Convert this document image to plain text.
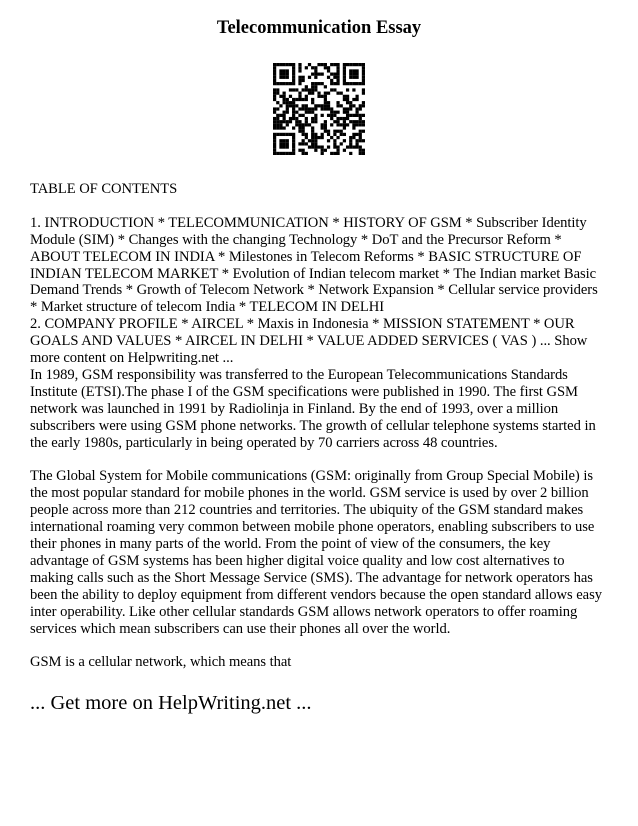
Telecommunication Essay

TABLE OF CONTENTS

1. INTRODUCTION * TELECOMMUNICATION * HISTORY OF GSM * Subscriber Identity Module (SIM) * Changes with the changing Technology * DoT and the Precursor Reform * ABOUT TELECOM IN INDIA * Milestones in Telecom Reforms * BASIC STRUCTURE OF INDIAN TELECOM MARKET * Evolution of Indian telecom market * The Indian market Basic Demand Trends * Growth of Telecom Network * Network Expansion * Cellular service providers * Market structure of telecom India * TELECOM IN DELHI

2. COMPANY PROFILE * AIRCEL * Maxis in Indonesia * MISSION STATEMENT * OUR GOALS AND VALUES * AIRCEL IN DELHI * VALUE ADDED SERVICES ( VAS ) ... Show more content on Helpwriting.net ...

In 1989, GSM responsibility was transferred to the European Telecommunications Standards Institute (ETSI).The phase I of the GSM specifications were published in 1990. The first GSM network was launched in 1991 by Radiolinja in Finland. By the end of 1993, over a million subscribers were using GSM phone networks. The growth of cellular telephone systems started in the early 1980s, particularly in being operated by 70 carriers across 48 countries.

The Global System for Mobile communications (GSM: originally from Group Special Mobile) is the most popular standard for mobile phones in the world. GSM service is used by over 2 billion people across more than 212 countries and territories. The ubiquity of the GSM standard makes international roaming very common between mobile phone operators, enabling subscribers to use their phones in many parts of the world. From the point of view of the consumers, the key advantage of GSM systems has been higher digital voice quality and low cost alternatives to making calls such as the Short Message Service (SMS). The advantage for network operators has been the ability to deploy equipment from different vendors because the open standard allows easy inter operability. Like other cellular standards GSM allows network operators to offer roaming services which mean subscribers can use their phones all over the world.

GSM is a cellular network, which means that

... Get more on HelpWriting.net ...
